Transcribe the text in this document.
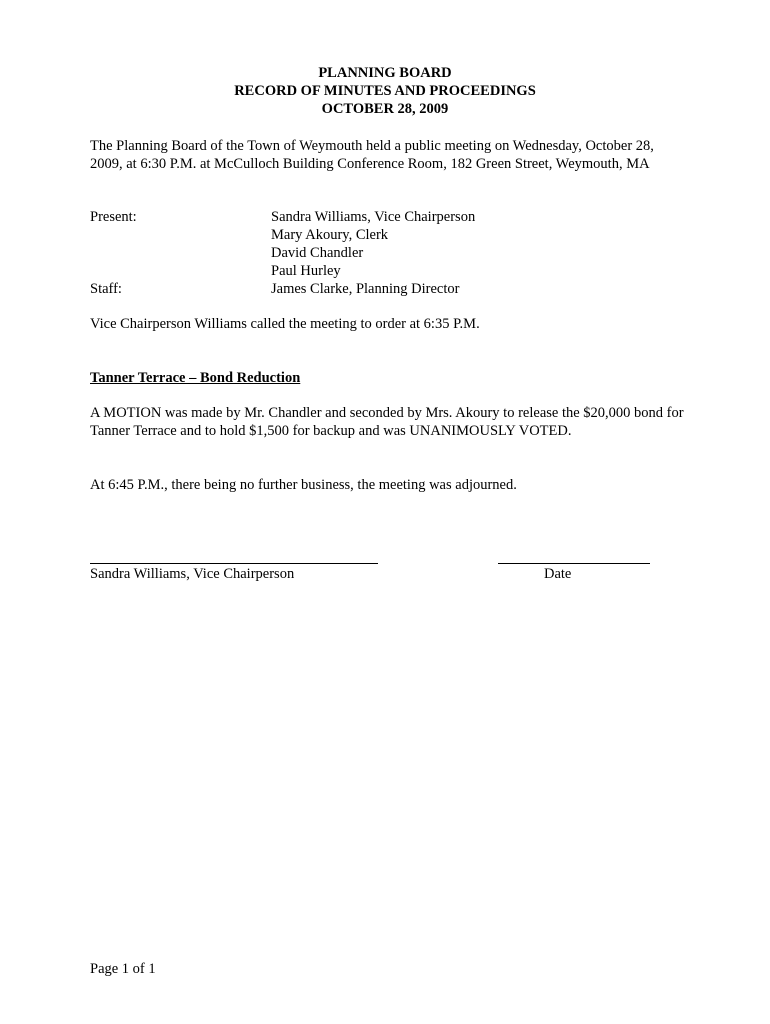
PLANNING BOARD
RECORD OF MINUTES AND PROCEEDINGS
OCTOBER 28, 2009
The Planning Board of the Town of Weymouth held a public meeting on Wednesday, October 28, 2009, at 6:30 P.M. at McCulloch Building Conference Room, 182 Green Street, Weymouth, MA
Present:	Sandra Williams, Vice Chairperson
Mary Akoury, Clerk
David Chandler
Paul Hurley
Staff:	James Clarke, Planning Director
Vice Chairperson Williams called the meeting to order at 6:35 P.M.
Tanner Terrace – Bond Reduction
A MOTION was made by Mr. Chandler and seconded by Mrs. Akoury to release the $20,000 bond for Tanner Terrace and to hold $1,500 for backup and was UNANIMOUSLY VOTED.
At 6:45 P.M., there being no further business, the meeting was adjourned.
Sandra Williams, Vice Chairperson	Date
Page 1 of 1
